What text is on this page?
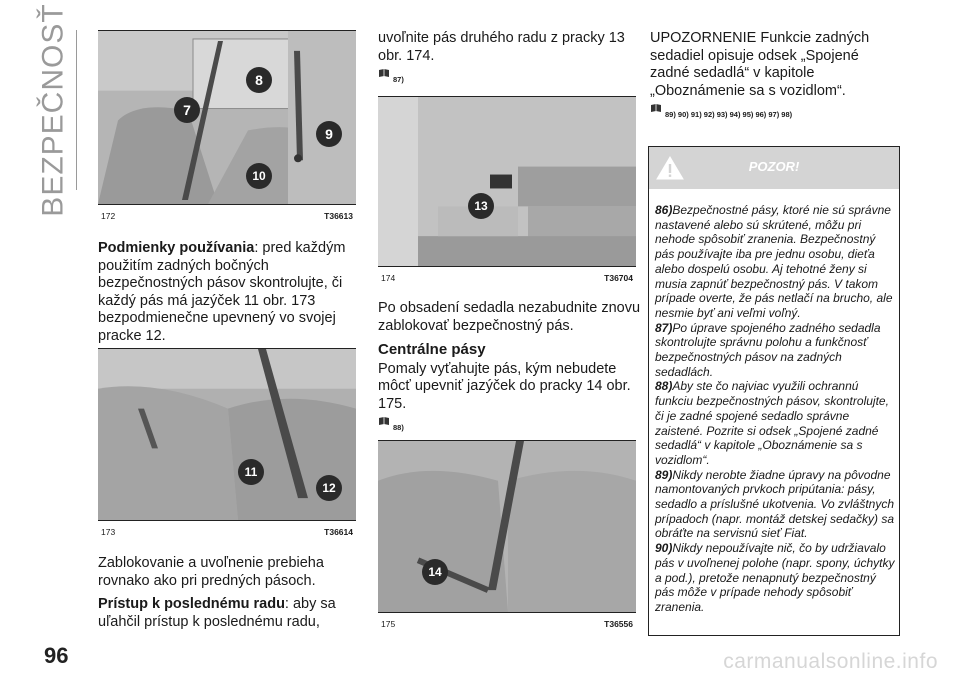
BEZPEČNOSŤ	8
7
9
10
172	T36613
Podmienky používania: pred každým použitím zadných bočných bezpečnostných pásov skontrolujte, či každý pás má jazýček 11 obr. 173 bezpodmienečne upevnený vo svojej pracke 12.
11
12
173	T36614
Zablokovanie a uvoľnenie prebieha rovnako ako pri predných pásoch.
Prístup k poslednému radu: aby sa uľahčil prístup k poslednému radu,
uvoľnite pás druhého radu z pracky 13 obr. 174.
87)
13
174	T36704
Po obsadení sedadla nezabudnite znovu zablokovať bezpečnostný pás.
Centrálne pásy
Pomaly vyťahujte pás, kým nebudete môcť upevniť jazýček do pracky 14 obr. 175.
88)
14
175	T36556
UPOZORNENIE Funkcie zadných sedadiel opisuje odsek „Spojené zadné sedadlá“ v kapitole „Oboznámenie sa s vozidlom“.
89) 90) 91) 92) 93) 94) 95) 96) 97) 98)
POZOR!
86)Bezpečnostné pásy, ktoré nie sú správne nastavené alebo sú skrútené, môžu pri nehode spôsobiť zranenia. Bezpečnostný pás používajte iba pre jednu osobu, dieťa alebo dospelú osobu. Aj tehotné ženy si musia zapnúť bezpečnostný pás. V takom prípade overte, že pás netlačí na brucho, ale nesmie byť ani veľmi voľný.
87)Po úprave spojeného zadného sedadla skontrolujte správnu polohu a funkčnosť bezpečnostných pásov na zadných sedadlách.
88)Aby ste čo najviac využili ochrannú funkciu bezpečnostných pásov, skontrolujte, či je zadné spojené sedadlo správne zaistené. Pozrite si odsek „Spojené zadné sedadlá“ v kapitole „Oboznámenie sa s vozidlom“.
89)Nikdy nerobte žiadne úpravy na pôvodne namontovaných prvkoch pripútania: pásy, sedadlo a príslušné ukotvenia. Vo zvláštnych prípadoch (napr. montáž detskej sedačky) sa obráťte na servisnú sieť Fiat.
90)Nikdy nepoužívajte nič, čo by udržiavalo pás v uvoľnenej polohe (napr. spony, úchytky a pod.), pretože nenapnutý bezpečnostný pás môže v prípade nehody spôsobiť zranenia.
96	carmanualsonline.info
